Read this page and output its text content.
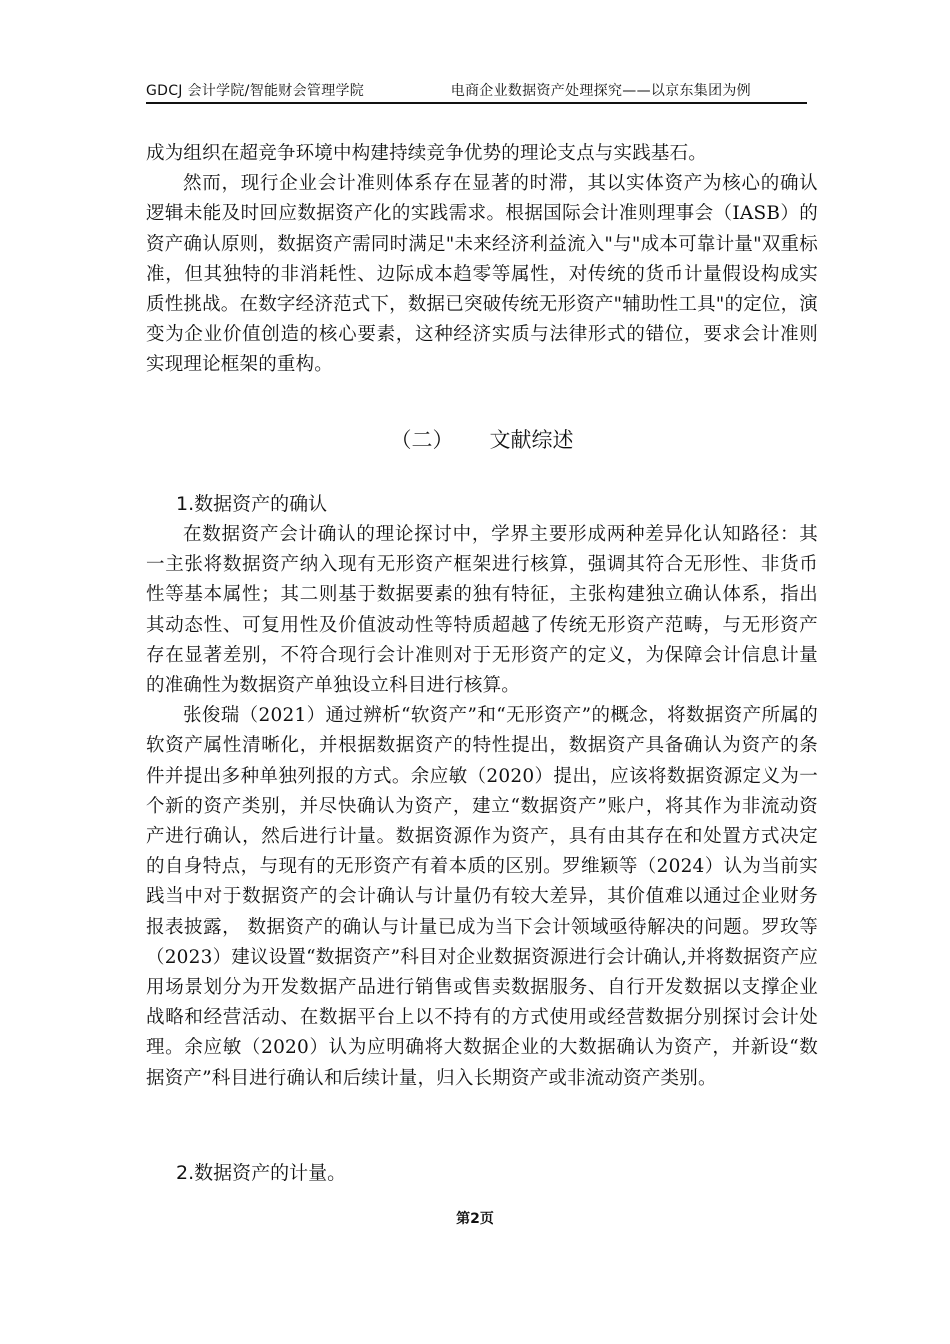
GDCJ 会计学院/智能财会管理学院	电商企业数据资产处理探究——以京东集团为例

成为组织在超竞争环境中构建持续竞争优势的理论支点与实践基石。

然而，现行企业会计准则体系存在显著的时滞，其以实体资产为核心的确认逻辑未能及时回应数据资产化的实践需求。根据国际会计准则理事会（IASB）的资产确认原则，数据资产需同时满足"未来经济利益流入"与"成本可靠计量"双重标准，但其独特的非消耗性、边际成本趋零等属性，对传统的货币计量假设构成实质性挑战。在数字经济范式下，数据已突破传统无形资产"辅助性工具"的定位，演变为企业价值创造的核心要素，这种经济实质与法律形式的错位，要求会计准则实现理论框架的重构。

（二） 文献综述
1.数据资产的确认

在数据资产会计确认的理论探讨中，学界主要形成两种差异化认知路径：其一主张将数据资产纳入现有无形资产框架进行核算，强调其符合无形性、非货币性等基本属性；其二则基于数据要素的独有特征，主张构建独立确认体系，指出其动态性、可复用性及价值波动性等特质超越了传统无形资产范畴，与无形资产存在显著差别，不符合现行会计准则对于无形资产的定义，为保障会计信息计量的准确性为数据资产单独设立科目进行核算。

张俊瑞（2021）通过辨析“软资产”和“无形资产”的概念，将数据资产所属的软资产属性清晰化，并根据数据资产的特性提出，数据资产具备确认为资产的条件并提出多种单独列报的方式。余应敏（2020）提出，应该将数据资源定义为一个新的资产类别，并尽快确认为资产，建立“数据资产”账户，将其作为非流动资产进行确认，然后进行计量。数据资源作为资产，具有由其存在和处置方式决定的自身特点，与现有的无形资产有着本质的区别。罗维颖等（2024）认为当前实践当中对于数据资产的会计确认与计量仍有较大差异，其价值难以通过企业财务报表披露， 数据资产的确认与计量已成为当下会计领域亟待解决的问题。罗玫等（2023）建议设置“数据资产”科目对企业数据资源进行会计确认,并将数据资产应用场景划分为开发数据产品进行销售或售卖数据服务、自行开发数据以支撑企业战略和经营活动、在数据平台上以不持有的方式使用或经营数据分别探讨会计处理。余应敏（2020）认为应明确将大数据企业的大数据确认为资产，并新设“数据资产”科目进行确认和后续计量，归入长期资产或非流动资产类别。

2.数据资产的计量。
第2页
